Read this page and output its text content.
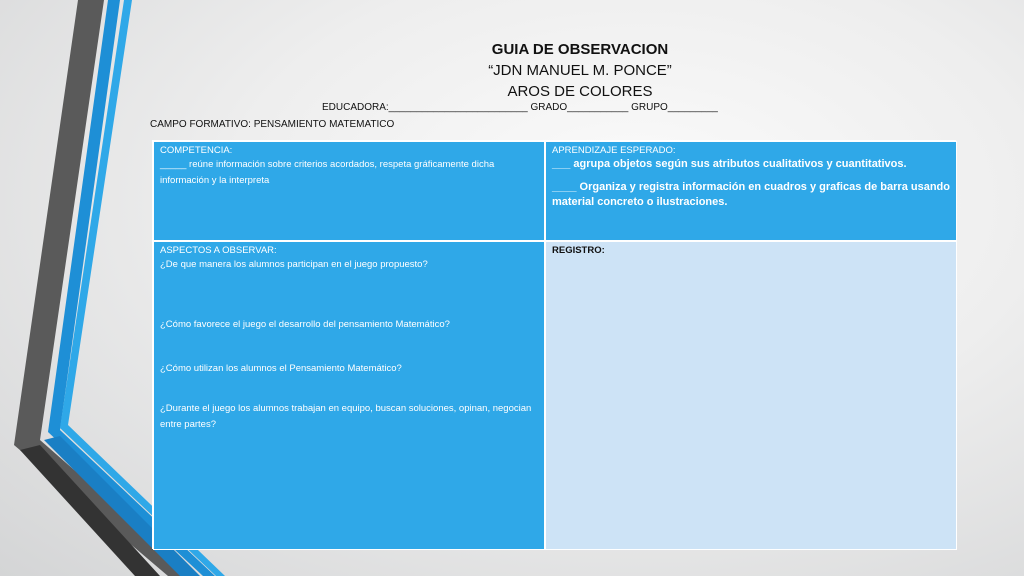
GUIA DE OBSERVACION
“JDN MANUEL M. PONCE”
AROS DE COLORES
EDUCADORA:_________________________ GRADO___________ GRUPO_________
CAMPO FORMATIVO: PENSAMIENTO MATEMATICO
COMPETENCIA:
_____ reúne información sobre criterios acordados, respeta gráficamente dicha información y la interpreta
APRENDIZAJE ESPERADO:
___ agrupa objetos según sus atributos cualitativos y cuantitativos.
____ Organiza y registra información en cuadros y graficas de barra usando material concreto o ilustraciones.
ASPECTOS A OBSERVAR:
¿De que manera los alumnos participan en el juego propuesto?
¿Cómo favorece el juego el desarrollo del pensamiento Matemático?
¿Cómo utilizan los alumnos el Pensamiento Matemático?
¿Durante el juego los alumnos trabajan en equipo, buscan soluciones, opinan, negocian entre partes?
REGISTRO:
